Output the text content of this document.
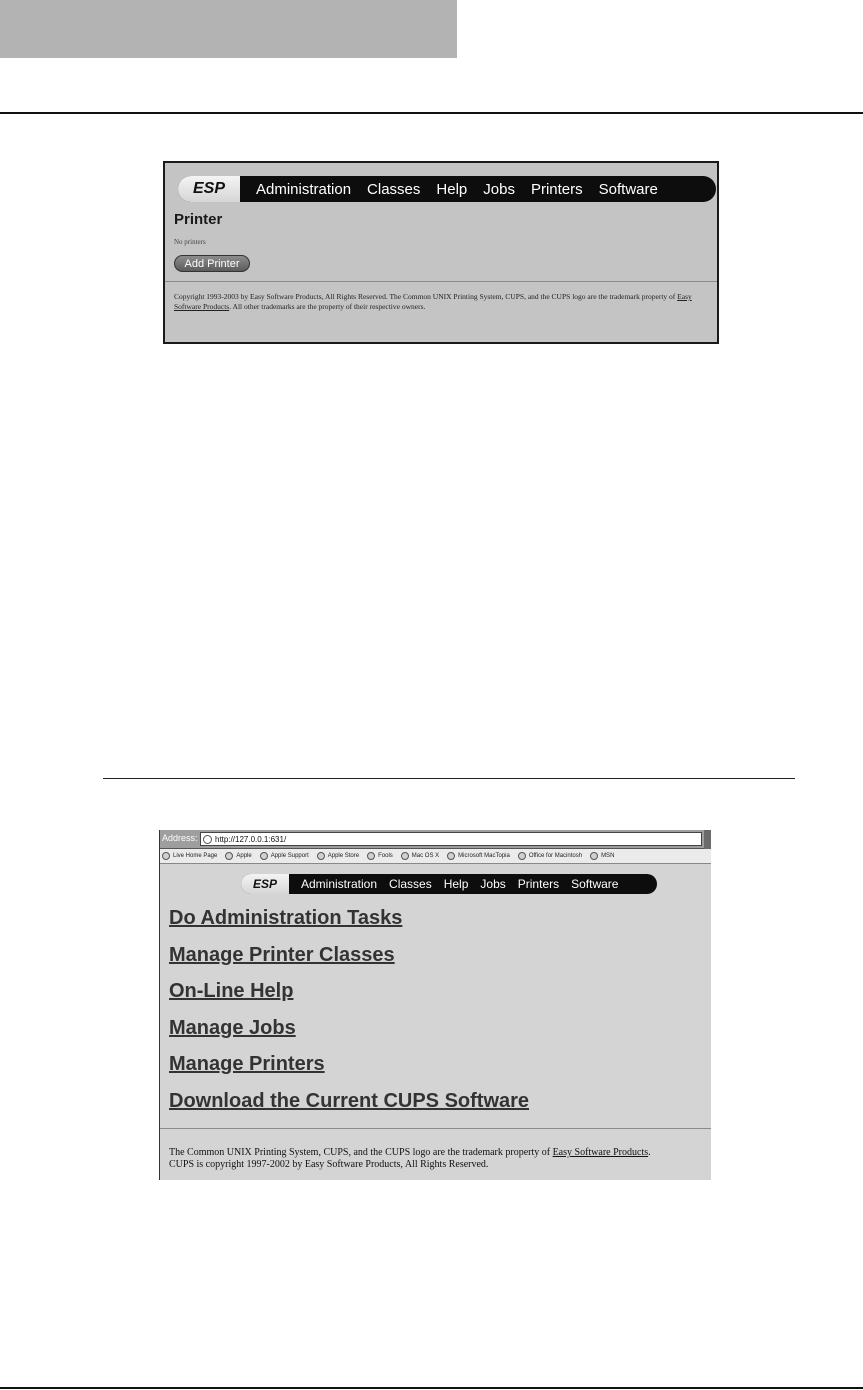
ESP	Administration Classes Help Jobs Printers Software
Printer
No printers
Add Printer
Copyright 1993-2003 by Easy Software Products, All Rights Reserved. The Common UNIX Printing System, CUPS, and the CUPS logo are the trademark property of Easy Software Products. All other trademarks are the property of their respective owners.
Address: http://127.0.0.1:631/
Live Home Page	Apple	Apple Support	Apple Store	Fools	Mac OS X	Microsoft MacTopia	Office for Macintosh	MSN
ESP	Administration Classes Help Jobs Printers Software
Do Administration Tasks
Manage Printer Classes
On-Line Help
Manage Jobs
Manage Printers
Download the Current CUPS Software
The Common UNIX Printing System, CUPS, and the CUPS logo are the trademark property of Easy Software Products.
CUPS is copyright 1997-2002 by Easy Software Products, All Rights Reserved.
